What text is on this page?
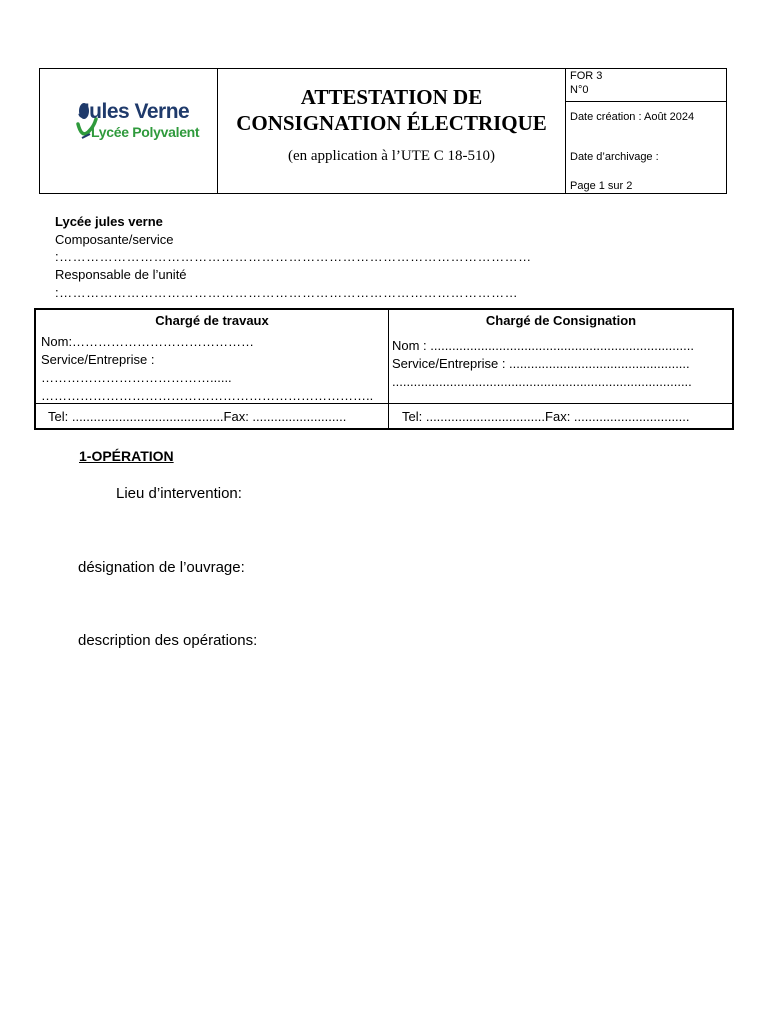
ATTESTATION DE
CONSIGNATION ÉLECTRIQUE
(en application à l’UTE C 18-510)
FOR 3
N°0
Date création : Août 2024
Date d’archivage :
Page 1 sur 2
Jules Verne
Lycée Polyvalent
Lycée jules verne
Composante/service
:……………………………………………………………………………………………
Responsable de l’unité
:…………………………………………………………………………………………
Chargé de travaux
Nom:……………………………………
Service/Entreprise :
…………………………………......
…………………………………………………………………..
Tel: ..........................................Fax: ..........................
Chargé de Consignation
Nom : .........................................................................
Service/Entreprise : ..................................................
...................................................................................
Tel: .................................Fax: ................................
1-OPÉRATION
Lieu d’intervention:
désignation de l’ouvrage:
description des opérations:
